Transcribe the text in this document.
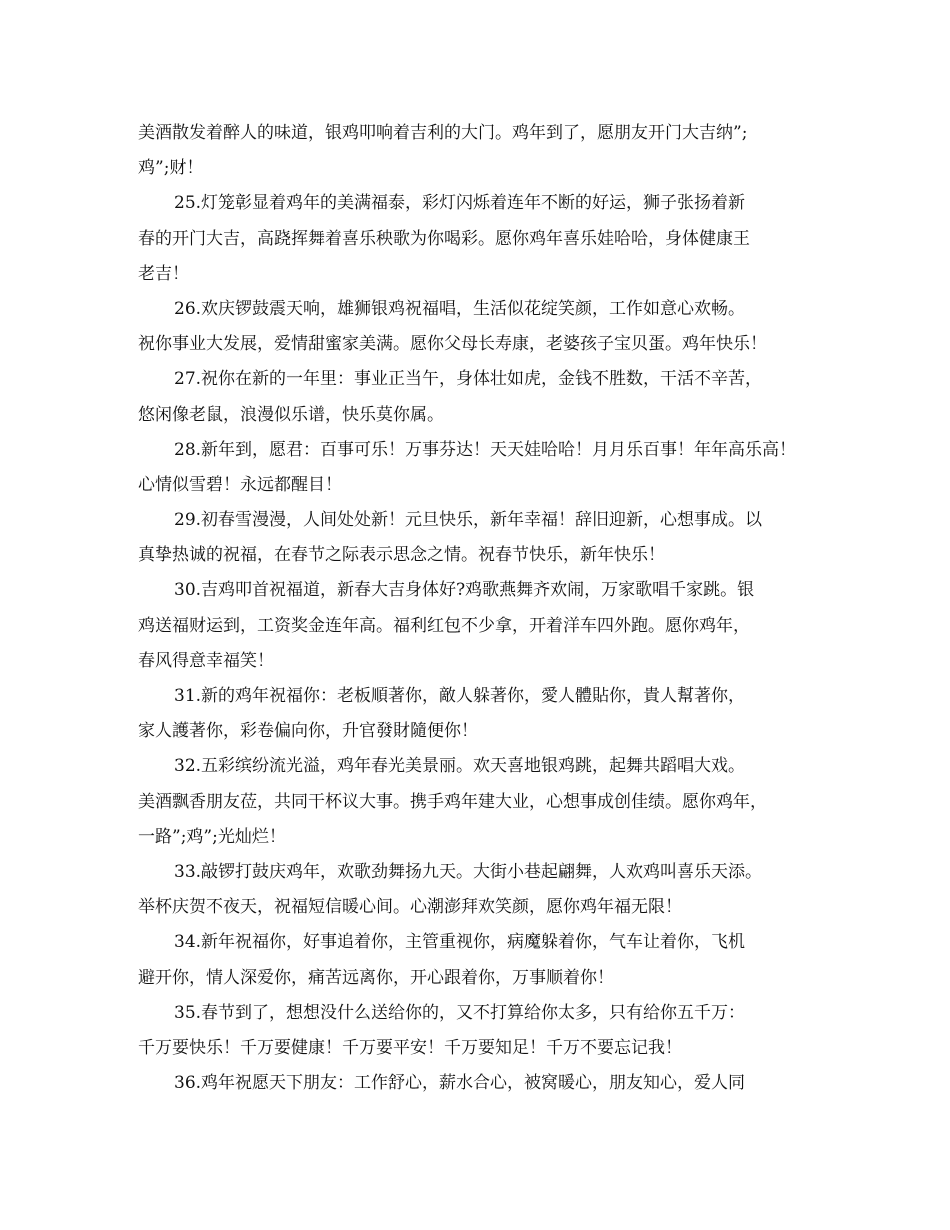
美酒散发着醉人的味道，银鸡叩响着吉利的大门。鸡年到了，愿朋友开门大吉纳”;
鸡”;财！
25.灯笼彰显着鸡年的美满福泰，彩灯闪烁着连年不断的好运，狮子张扬着新
春的开门大吉，高跷挥舞着喜乐秧歌为你喝彩。愿你鸡年喜乐娃哈哈，身体健康王
老吉！
26.欢庆锣鼓震天响，雄狮银鸡祝福唱，生活似花绽笑颜，工作如意心欢畅。
祝你事业大发展，爱情甜蜜家美满。愿你父母长寿康，老婆孩子宝贝蛋。鸡年快乐！
27.祝你在新的一年里：事业正当午，身体壮如虎，金钱不胜数，干活不辛苦，
悠闲像老鼠，浪漫似乐谱，快乐莫你属。
28.新年到，愿君：百事可乐！万事芬达！天天娃哈哈！月月乐百事！年年高乐高！
心情似雪碧！永远都醒目！
29.初春雪漫漫，人间处处新！元旦快乐，新年幸福！辞旧迎新，心想事成。以
真挚热诚的祝福，在春节之际表示思念之情。祝春节快乐，新年快乐！
30.吉鸡叩首祝福道，新春大吉身体好?鸡歌燕舞齐欢闹，万家歌唱千家跳。银
鸡送福财运到，工资奖金连年高。福利红包不少拿，开着洋车四外跑。愿你鸡年，
春风得意幸福笑！
31.新的鸡年祝福你：老板順著你，敵人躲著你，愛人體貼你，貴人幫著你，
家人護著你，彩卷偏向你，升官發財隨便你！
32.五彩缤纷流光溢，鸡年春光美景丽。欢天喜地银鸡跳，起舞共蹈唱大戏。
美酒飘香朋友莅，共同干杯议大事。携手鸡年建大业，心想事成创佳绩。愿你鸡年，
一路”;鸡”;光灿烂！
33.敲锣打鼓庆鸡年，欢歌劲舞扬九天。大街小巷起翩舞，人欢鸡叫喜乐天添。
举杯庆贺不夜天，祝福短信暖心间。心潮澎拜欢笑颜，愿你鸡年福无限！
34.新年祝福你，好事追着你，主管重视你，病魔躲着你，气车让着你，飞机
避开你，情人深爱你，痛苦远离你，开心跟着你，万事顺着你！
35.春节到了，想想没什么送给你的，又不打算给你太多，只有给你五千万：
千万要快乐！千万要健康！千万要平安！千万要知足！千万不要忘记我！
36.鸡年祝愿天下朋友：工作舒心，薪水合心，被窝暖心，朋友知心，爱人同
